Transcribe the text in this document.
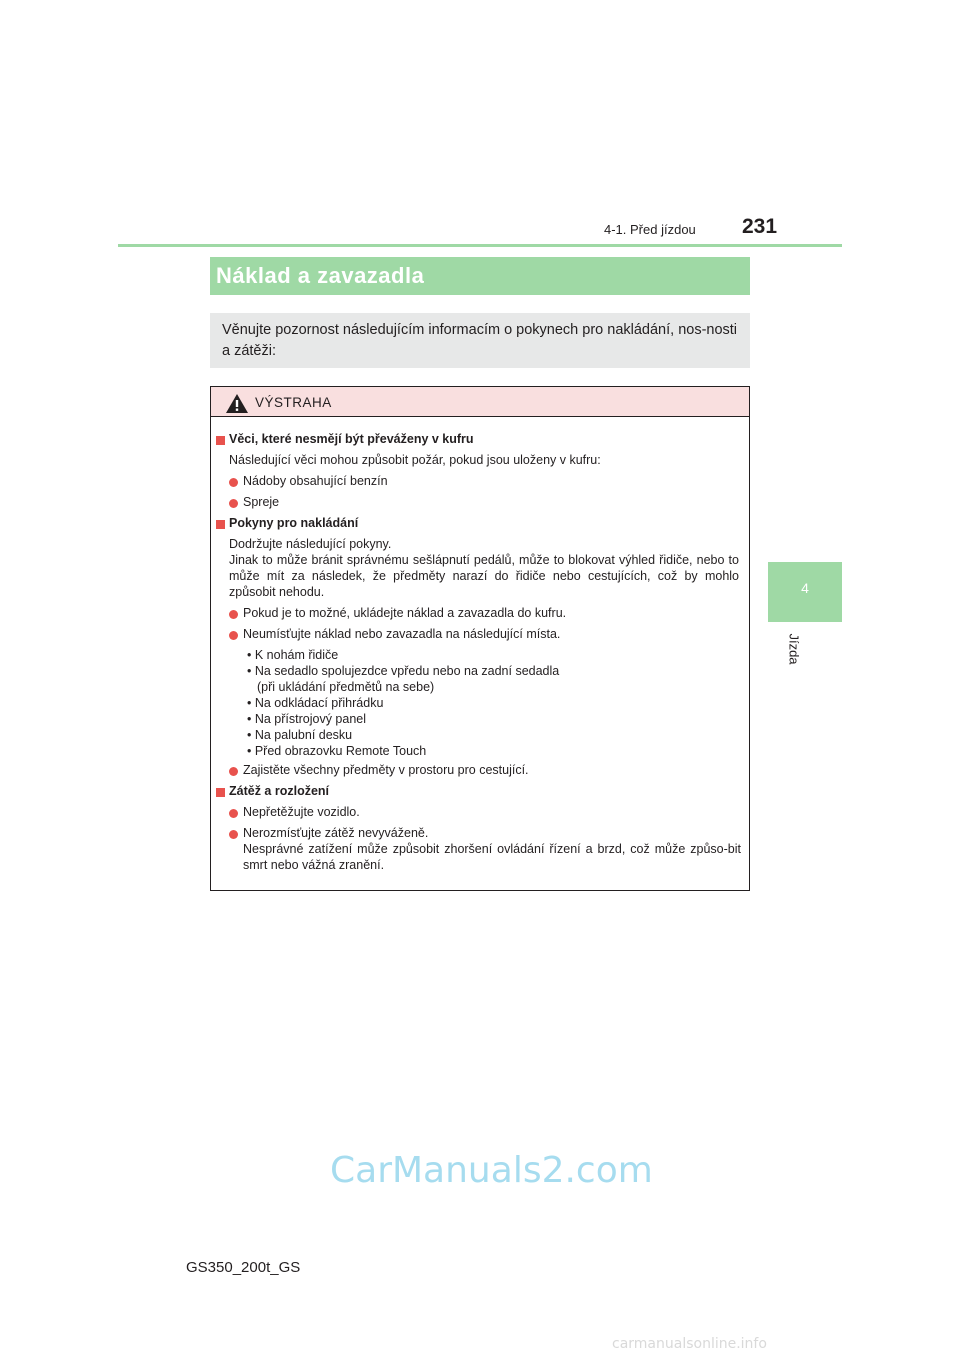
4-1. Před jízdou 231
4
Jízda
Náklad a zavazadla

Věnujte pozornost následujícím informacím o pokynech pro nakládání, nos-nosti a zátěži:

VÝSTRAHA
Věci, které nesmějí být převáženy v kufru
Následující věci mohou způsobit požár, pokud jsou uloženy v kufru:
Nádoby obsahující benzín
Spreje
Pokyny pro nakládání
Dodržujte následující pokyny.
Jinak to může bránit správnému sešlápnutí pedálů, může to blokovat výhled řidiče, nebo to může mít za následek, že předměty narazí do řidiče nebo cestujících, což by mohlo způsobit nehodu.
Pokud je to možné, ukládejte náklad a zavazadla do kufru.
Neumísťujte náklad nebo zavazadla na následující místa.
• K nohám řidiče
• Na sedadlo spolujezdce vpředu nebo na zadní sedadla
(při ukládání předmětů na sebe)
• Na odkládací přihrádku
• Na přístrojový panel
• Na palubní desku
• Před obrazovku Remote Touch
Zajistěte všechny předměty v prostoru pro cestující.
Zátěž a rozložení
Nepřetěžujte vozidlo.
Nerozmísťujte zátěž nevyváženě.
Nesprávné zatížení může způsobit zhoršení ovládání řízení a brzd, což může způso-bit smrt nebo vážná zranění.
GS350_200t_GS
CarManuals2.com
carmanualsonline.info
